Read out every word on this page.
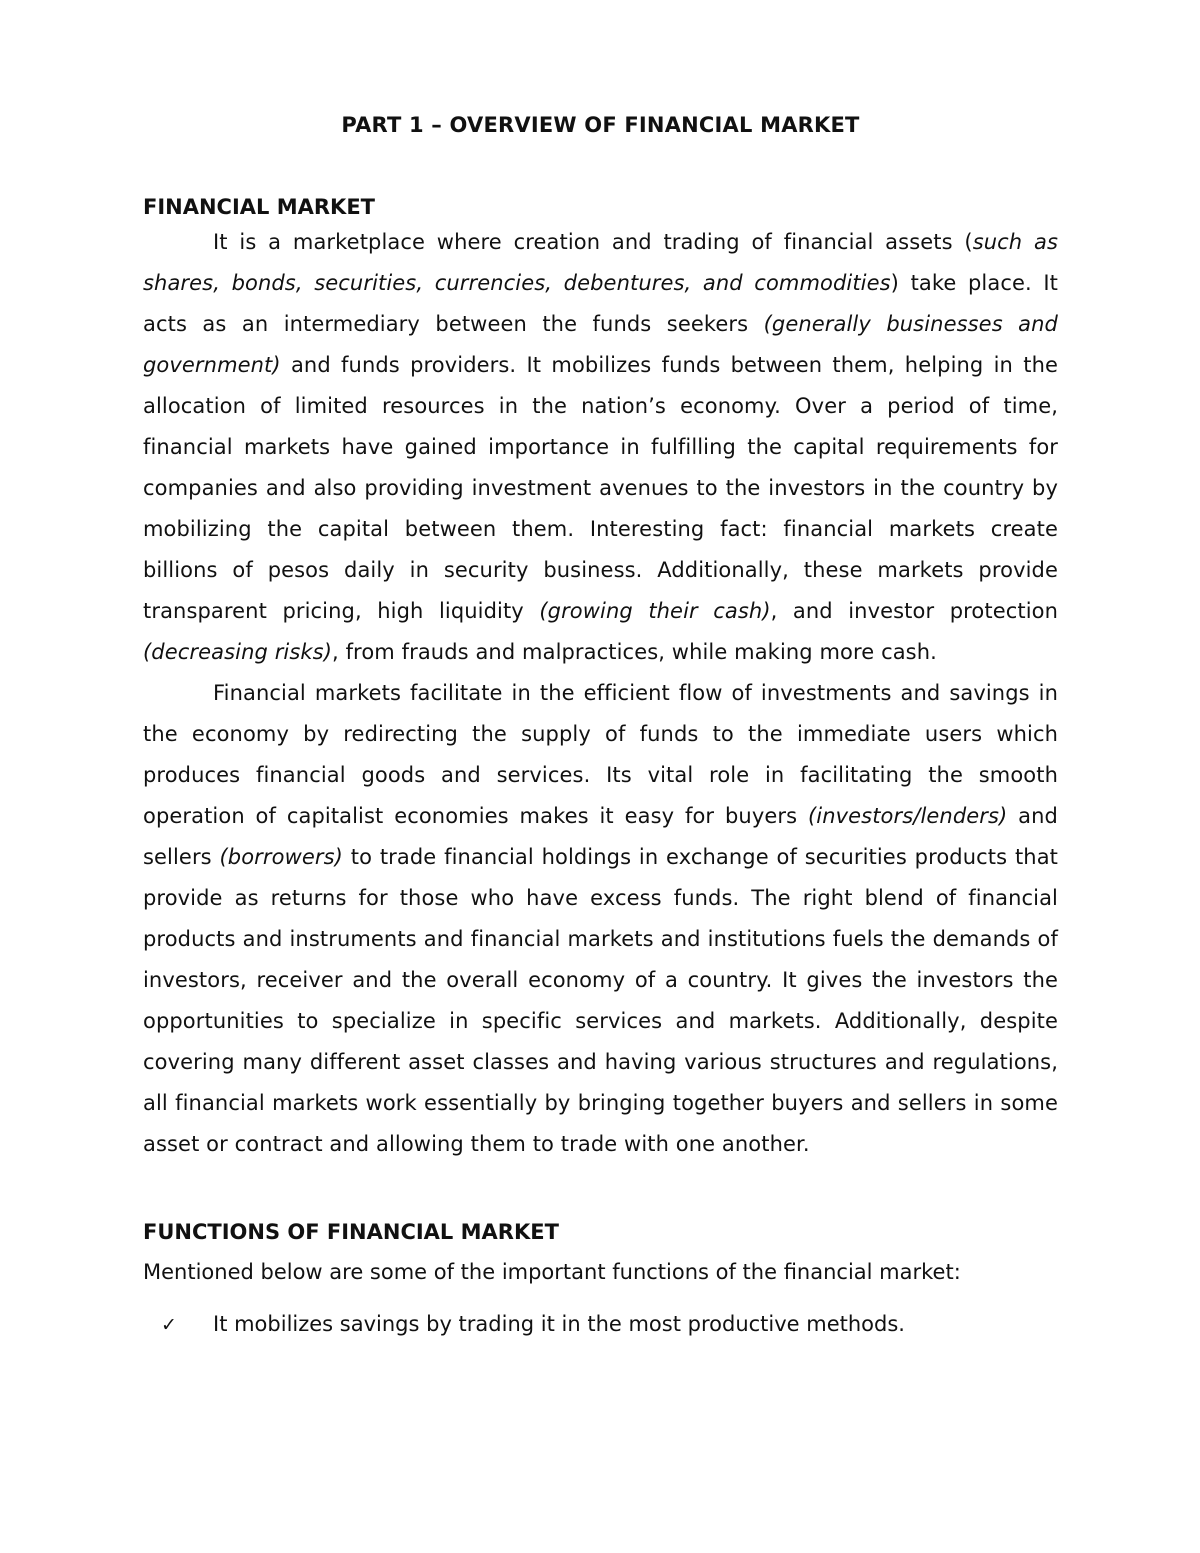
PART 1 – OVERVIEW OF FINANCIAL MARKET
FINANCIAL MARKET

It is a marketplace where creation and trading of financial assets (such as shares, bonds, securities, currencies, debentures, and commodities) take place. It acts as an intermediary between the funds seekers (generally businesses and government) and funds providers. It mobilizes funds between them, helping in the allocation of limited resources in the nation’s economy. Over a period of time, financial markets have gained importance in fulfilling the capital requirements for companies and also providing investment avenues to the investors in the country by mobilizing the capital between them. Interesting fact: financial markets create billions of pesos daily in security business. Additionally, these markets provide transparent pricing, high liquidity (growing their cash), and investor protection (decreasing risks), from frauds and malpractices, while making more cash.

Financial markets facilitate in the efficient flow of investments and savings in the economy by redirecting the supply of funds to the immediate users which produces financial goods and services. Its vital role in facilitating the smooth operation of capitalist economies makes it easy for buyers (investors/lenders) and sellers (borrowers) to trade financial holdings in exchange of securities products that provide as returns for those who have excess funds. The right blend of financial products and instruments and financial markets and institutions fuels the demands of investors, receiver and the overall economy of a country. It gives the investors the opportunities to specialize in specific services and markets. Additionally, despite covering many different asset classes and having various structures and regulations, all financial markets work essentially by bringing together buyers and sellers in some asset or contract and allowing them to trade with one another.

FUNCTIONS OF FINANCIAL MARKET

Mentioned below are some of the important functions of the financial market:

✓	It mobilizes savings by trading it in the most productive methods.
